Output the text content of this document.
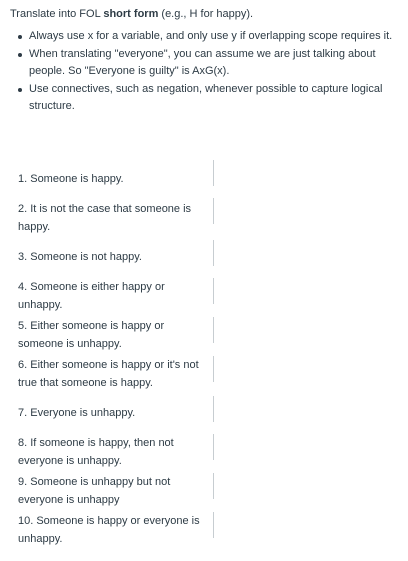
Translate into FOL short form (e.g., H for happy).

Always use x for a variable, and only use y if overlapping scope requires it.
When translating "everyone", you can assume we are just talking about people. So "Everyone is guilty" is AxG(x).
Use connectives, such as negation, whenever possible to capture logical structure.
1. Someone is happy.
2. It is not the case that someone is happy.
3. Someone is not happy.
4. Someone is either happy or unhappy.
5. Either someone is happy or someone is unhappy.
6. Either someone is happy or it's not true that someone is happy.
7. Everyone is unhappy.
8. If someone is happy, then not everyone is unhappy.
9. Someone is unhappy but not everyone is unhappy
10. Someone is happy or everyone is unhappy.
